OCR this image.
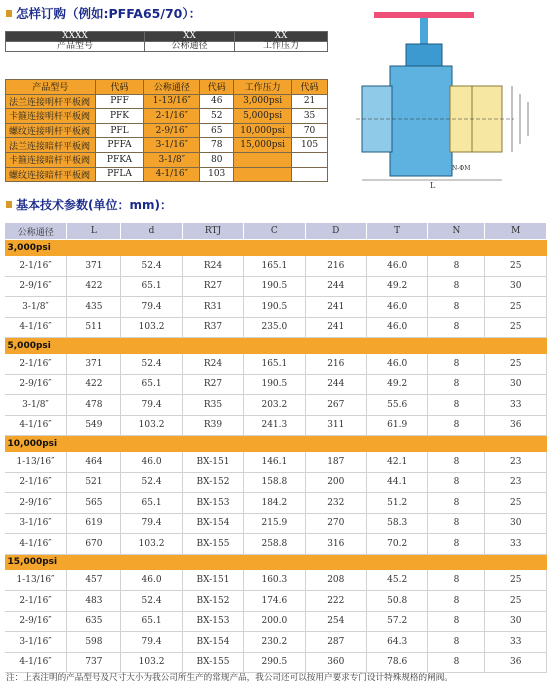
怎样订购（例如:PFFA65/70）：
XXXX	XX	XX
产品型号	公称通径	工作压力
产品型号	代码	公称通径	代码	工作压力	代码
法兰连接明杆平板阀	PFF	1-13/16″	46	3,000psi	21
卡箍连接明杆平板阀	PFK	2-1/16″	52	5,000psi	35
螺纹连接明杆平板阀	PFL	2-9/16″	65	10,000psi	70
法兰连接暗杆平板阀	PFFA	3-1/16″	78	15,000psi	105
卡箍连接暗杆平板阀	PFKA	3-1/8″	80		
螺纹连接暗杆平板阀	PFLA	4-1/16″	103		
L
N-ΦM
基本技术参数(单位：mm)：
公称通径	L	d	RTJ	C	D	T	N	M
3,000psi								
2-1/16″	371	52.4	R24	165.1	216	46.0	8	25
2-9/16″	422	65.1	R27	190.5	244	49.2	8	30
3-1/8″	435	79.4	R31	190.5	241	46.0	8	25
4-1/16″	511	103.2	R37	235.0	241	46.0	8	25
5,000psi								
2-1/16″	371	52.4	R24	165.1	216	46.0	8	25
2-9/16″	422	65.1	R27	190.5	244	49.2	8	30
3-1/8″	478	79.4	R35	203.2	267	55.6	8	33
4-1/16″	549	103.2	R39	241.3	311	61.9	8	36
10,000psi								
1-13/16″	464	46.0	BX-151	146.1	187	42.1	8	23
2-1/16″	521	52.4	BX-152	158.8	200	44.1	8	23
2-9/16″	565	65.1	BX-153	184.2	232	51.2	8	25
3-1/16″	619	79.4	BX-154	215.9	270	58.3	8	30
4-1/16″	670	103.2	BX-155	258.8	316	70.2	8	33
15,000psi								
1-13/16″	457	46.0	BX-151	160.3	208	45.2	8	25
2-1/16″	483	52.4	BX-152	174.6	222	50.8	8	25
2-9/16″	635	65.1	BX-153	200.0	254	57.2	8	30
3-1/16″	598	79.4	BX-154	230.2	287	64.3	8	33
4-1/16″	737	103.2	BX-155	290.5	360	78.6	8	36
注：上表注明的产品型号及尺寸大小为我公司所生产的常规产品，我公司还可以按用户要求专门设计特殊规格的闸阀。
